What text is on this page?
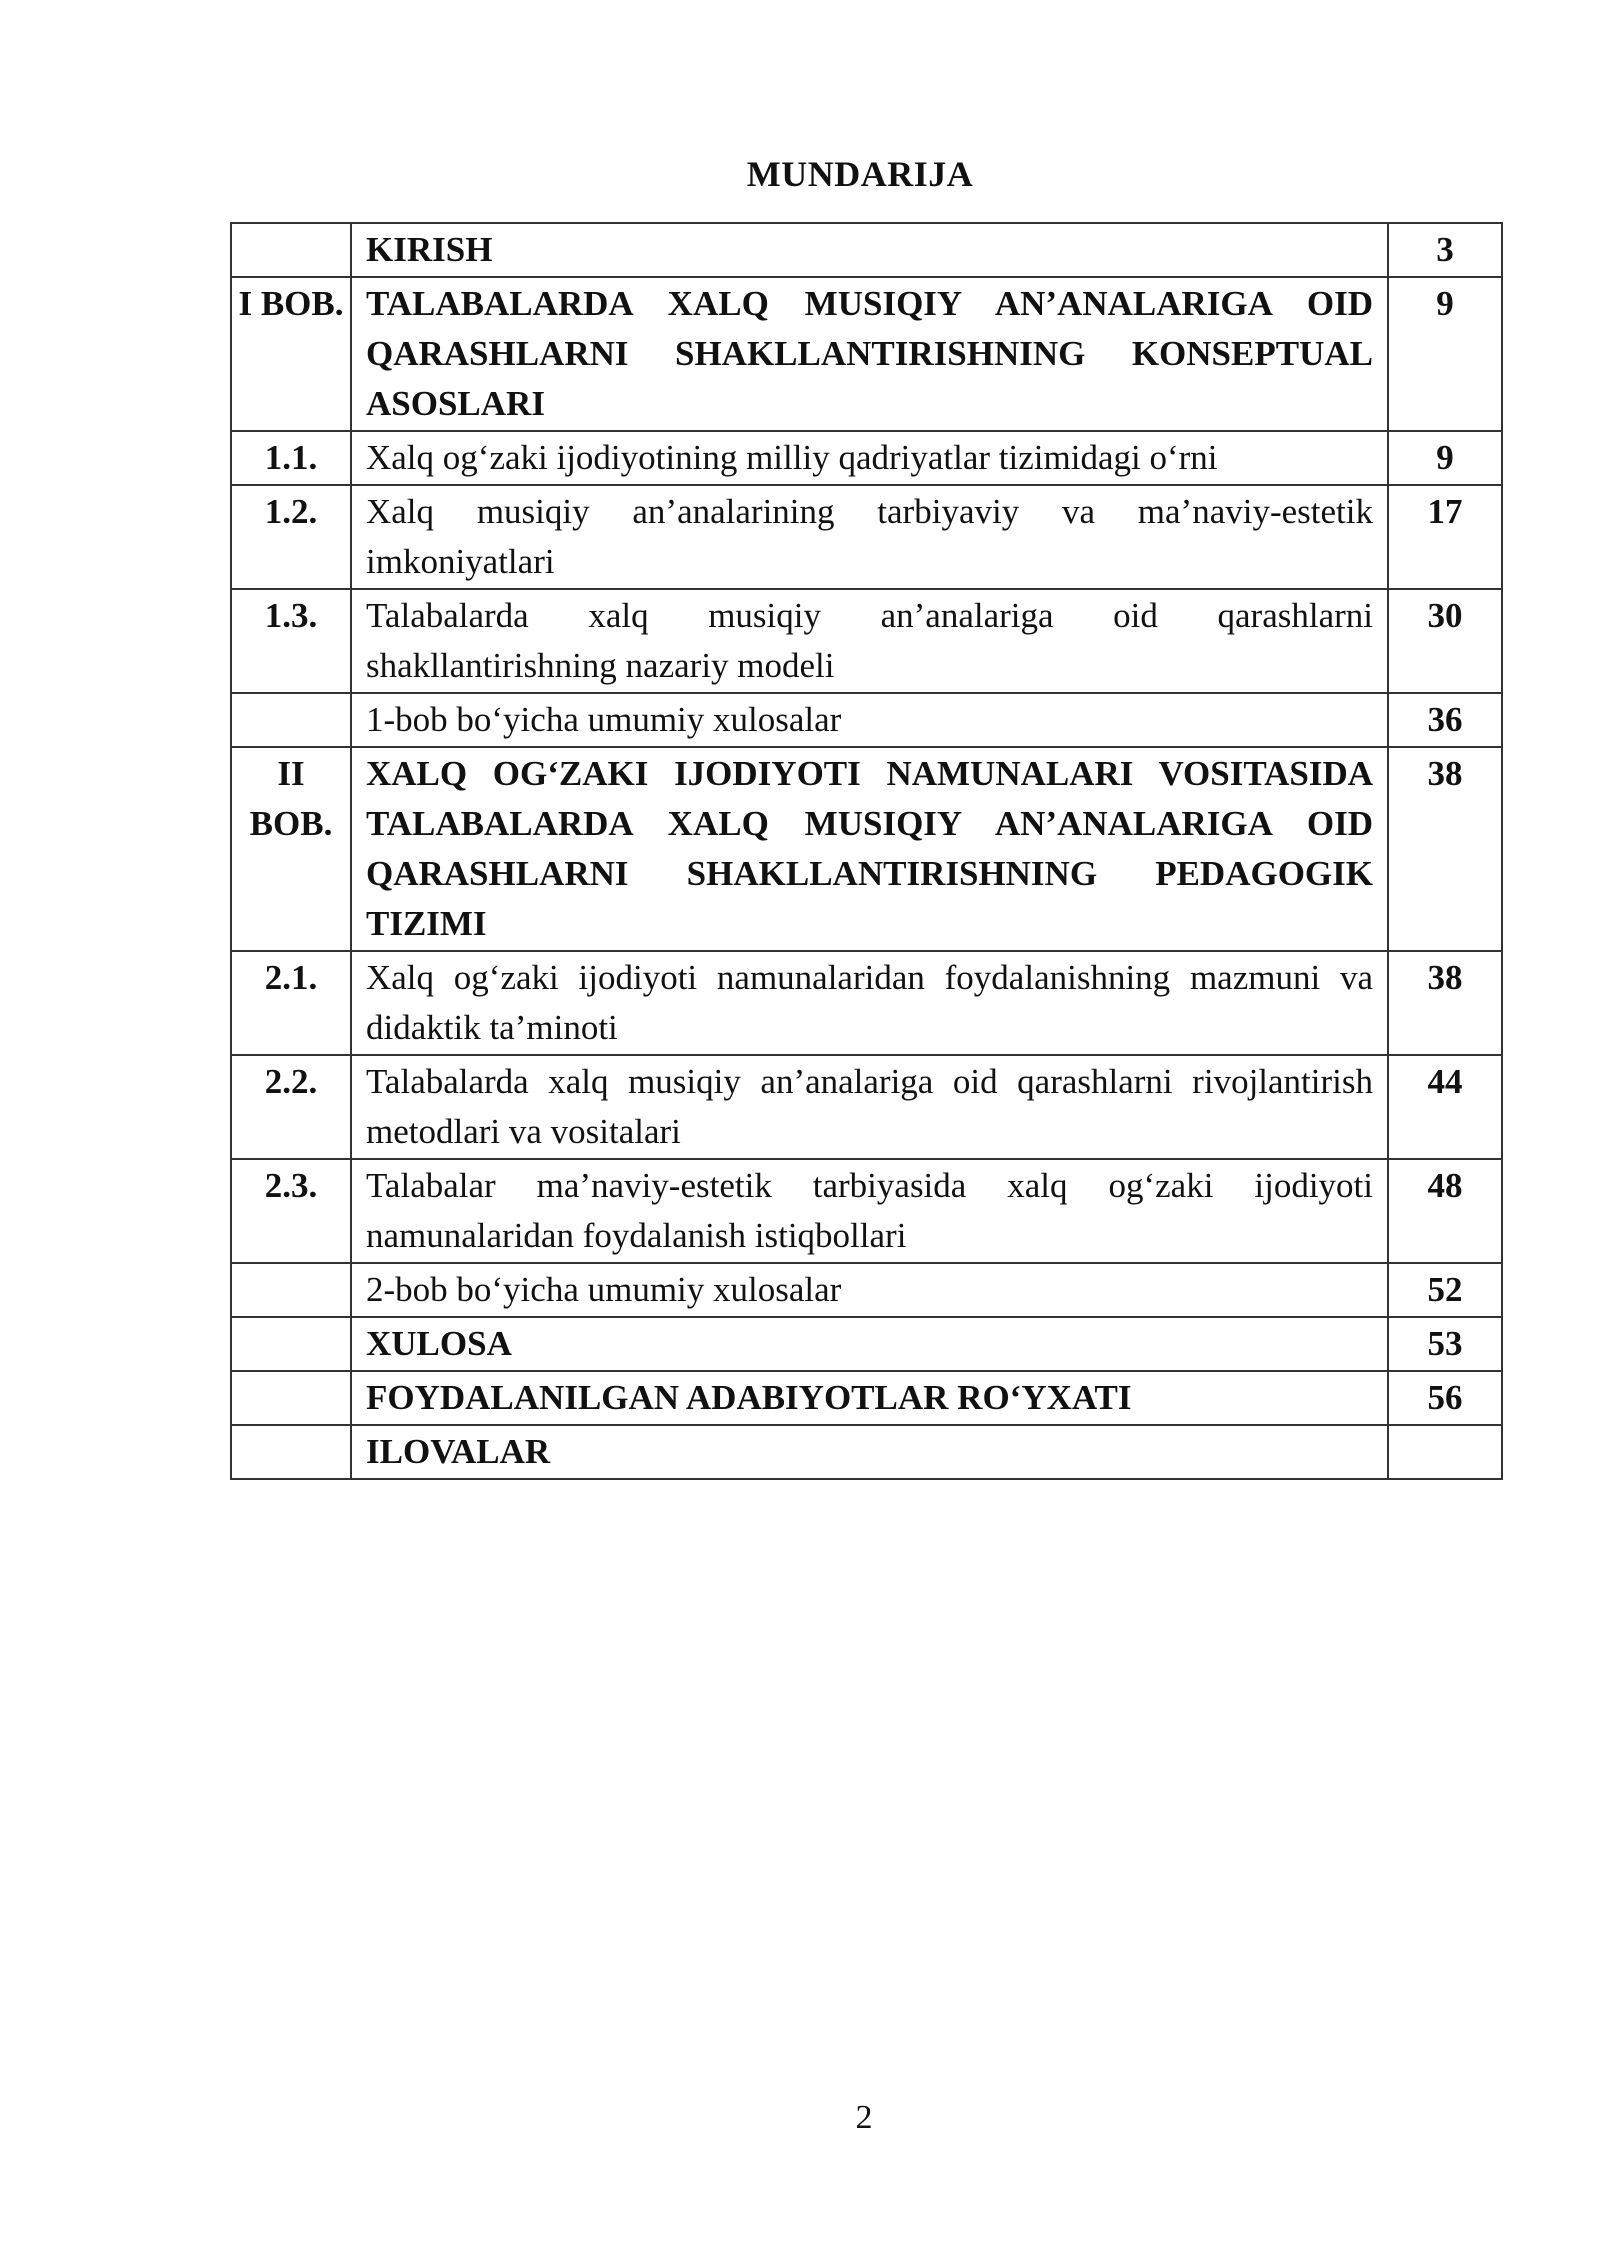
MUNDARIJA
	KIRISH	3
I BOB.	TALABALARDA XALQ MUSIQIY AN’ANALARIGA OID QARASHLARNI SHAKLLANTIRISHNING KONSEPTUAL ASOSLARI	9
1.1.	Xalq og‘zaki ijodiyotining milliy qadriyatlar tizimidagi o‘rni	9
1.2.	Xalq musiqiy an’analarining tarbiyaviy va ma’naviy-estetik imkoniyatlari	17
1.3.	Talabalarda xalq musiqiy an’analariga oid qarashlarni shakllantirishning nazariy modeli	30
	1-bob bo‘yicha umumiy xulosalar	36
II BOB.	XALQ OG‘ZAKI IJODIYOTI NAMUNALARI VOSITASIDA TALABALARDA XALQ MUSIQIY AN’ANALARIGA OID QARASHLARNI SHAKLLANTIRISHNING PEDAGOGIK TIZIMI	38
2.1.	Xalq og‘zaki ijodiyoti namunalaridan foydalanishning mazmuni va didaktik ta’minoti	38
2.2.	Talabalarda xalq musiqiy an’analariga oid qarashlarni rivojlantirish metodlari va vositalari	44
2.3.	Talabalar ma’naviy-estetik tarbiyasida xalq og‘zaki ijodiyoti namunalaridan foydalanish istiqbollari	48
	2-bob bo‘yicha umumiy xulosalar	52
	XULOSA	53
	FOYDALANILGAN ADABIYOTLAR RO‘YXATI	56
	ILOVALAR	
2
